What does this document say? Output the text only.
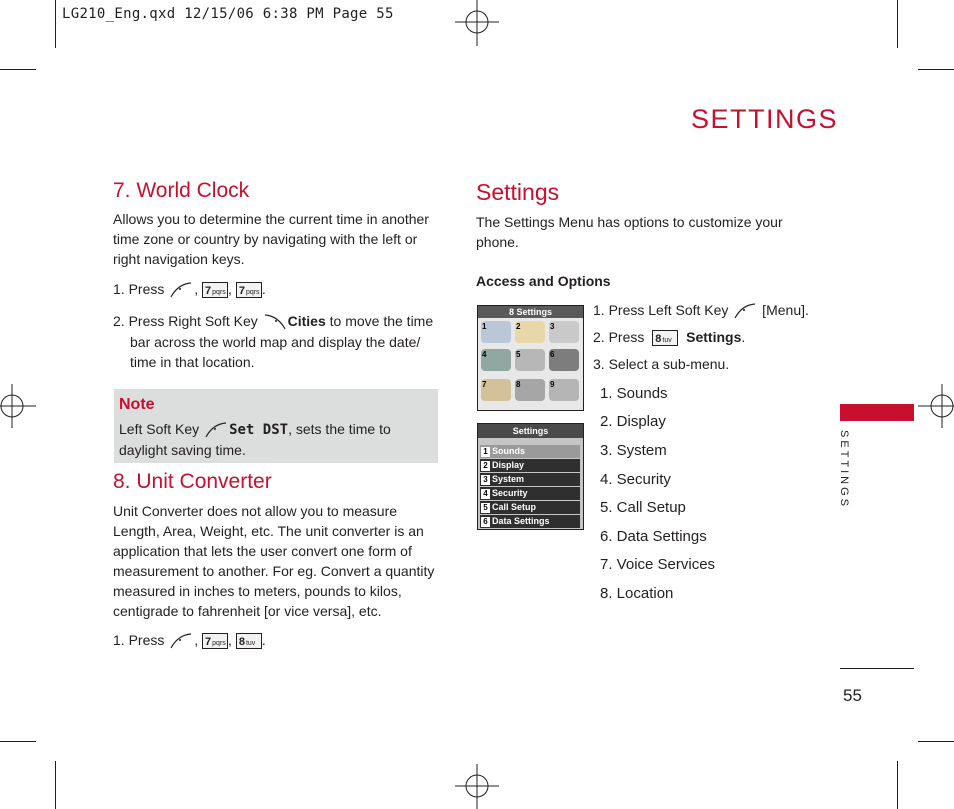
LG210_Eng.qxd 12/15/06 6:38 PM Page 55
SETTINGS
7. World Clock
Allows you to determine the current time in another
time zone or country by navigating with the left or
right navigation keys.
1. Press , 7pqrs , 7pqrs .
2. Press Right Soft Key Cities to move the time
bar across the world map and display the date/
time in that location.
Note
Left Soft Key Set DST, sets the time to
daylight saving time.
8. Unit Converter
Unit Converter does not allow you to measure
Length, Area, Weight, etc. The unit converter is an
application that lets the user convert one form of
measurement to another. For eg. Convert a quantity
measured in inches to meters, pounds to kilos,
centigrade to fahrenheit [or vice versa], etc.
1. Press , 7pqrs , 8tuv .
Settings
The Settings Menu has options to customize your
phone.
Access and Options
8 Settings
1	2	3
4	5	6
7	8	9
Settings
1 Sounds
2 Display
3 System
4 Security
5 Call Setup
6 Data Settings
1. Press Left Soft Key  [Menu].
2. Press 8tuv Settings.
3. Select a sub-menu.
1. Sounds
2. Display
3. System
4. Security
5. Call Setup
6. Data Settings
7. Voice Services
8. Location
SETTINGS
55
